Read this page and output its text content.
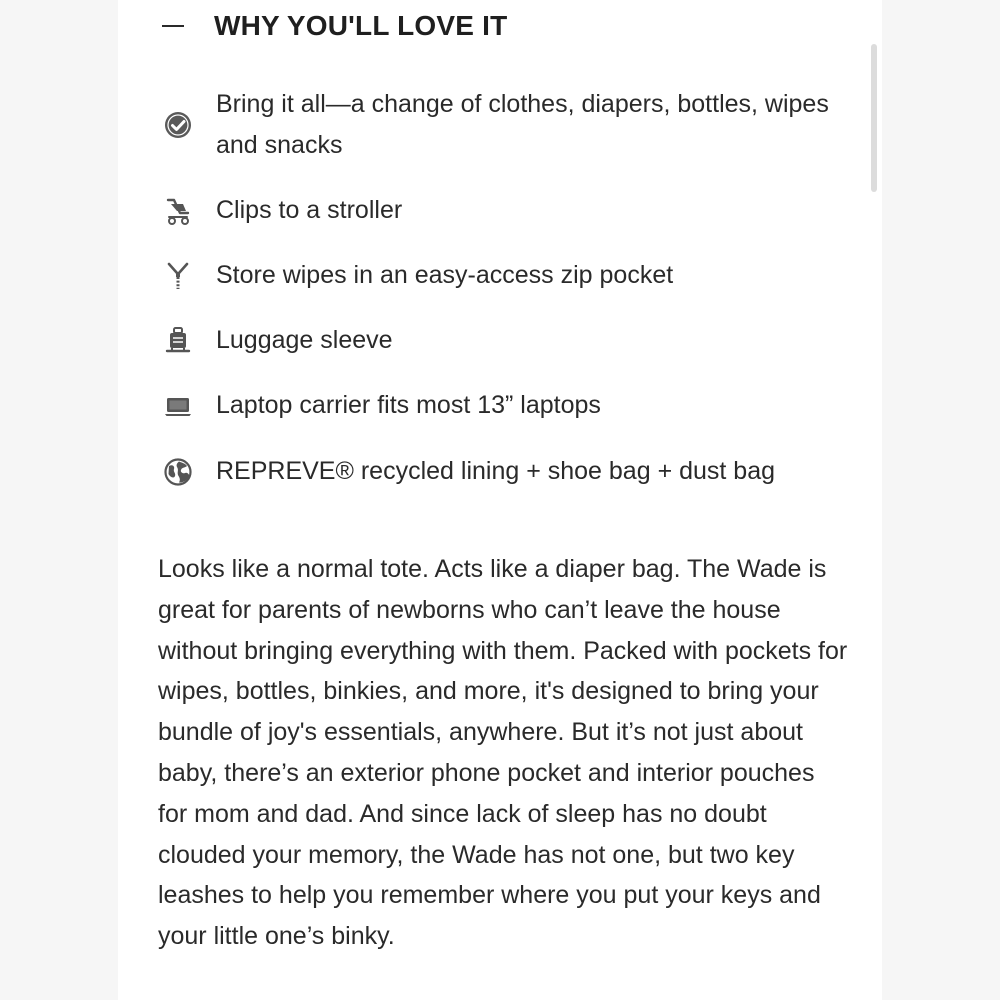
WHY YOU'LL LOVE IT
Bring it all—a change of clothes, diapers, bottles, wipes and snacks
Clips to a stroller
Store wipes in an easy-access zip pocket
Luggage sleeve
Laptop carrier fits most 13” laptops
REPREVE® recycled lining + shoe bag + dust bag

Looks like a normal tote. Acts like a diaper bag. The Wade is great for parents of newborns who can’t leave the house without bringing everything with them. Packed with pockets for wipes, bottles, binkies, and more, it's designed to bring your bundle of joy's essentials, anywhere. But it’s not just about baby, there’s an exterior phone pocket and interior pouches for mom and dad. And since lack of sleep has no doubt clouded your memory, the Wade has not one, but two key leashes to help you remember where you put your keys and your little one’s binky.
